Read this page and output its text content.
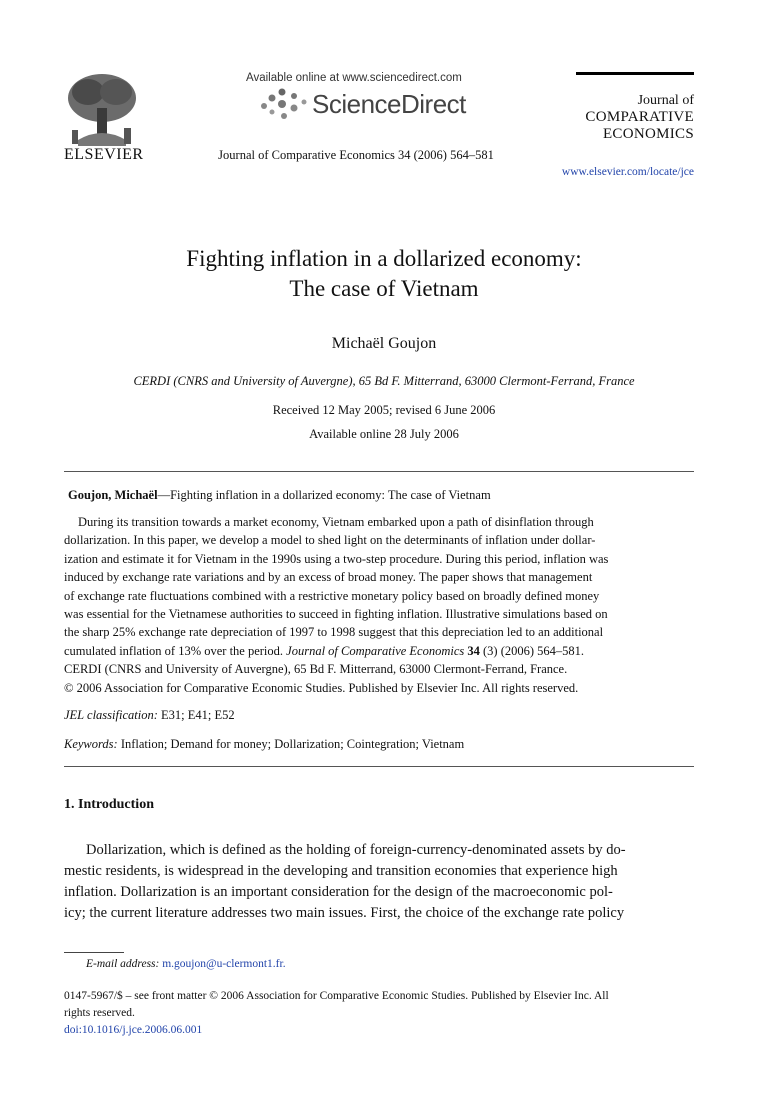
ELSEVIER
Available online at www.sciencedirect.com
ScienceDirect
Journal of Comparative Economics 34 (2006) 564–581
Journal of
COMPARATIVE
ECONOMICS
www.elsevier.com/locate/jce
Fighting inflation in a dollarized economy:
The case of Vietnam
Michaël Goujon
CERDI (CNRS and University of Auvergne), 65 Bd F. Mitterrand, 63000 Clermont-Ferrand, France
Received 12 May 2005; revised 6 June 2006
Available online 28 July 2006
Goujon, Michaël—Fighting inflation in a dollarized economy: The case of Vietnam
During its transition towards a market economy, Vietnam embarked upon a path of disinflation through
dollarization. In this paper, we develop a model to shed light on the determinants of inflation under dollar-
ization and estimate it for Vietnam in the 1990s using a two-step procedure. During this period, inflation was
induced by exchange rate variations and by an excess of broad money. The paper shows that management
of exchange rate fluctuations combined with a restrictive monetary policy based on broadly defined money
was essential for the Vietnamese authorities to succeed in fighting inflation. Illustrative simulations based on
the sharp 25% exchange rate depreciation of 1997 to 1998 suggest that this depreciation led to an additional
cumulated inflation of 13% over the period. Journal of Comparative Economics 34 (3) (2006) 564–581.
CERDI (CNRS and University of Auvergne), 65 Bd F. Mitterrand, 63000 Clermont-Ferrand, France.
© 2006 Association for Comparative Economic Studies. Published by Elsevier Inc. All rights reserved.
JEL classification: E31; E41; E52
Keywords: Inflation; Demand for money; Dollarization; Cointegration; Vietnam
1. Introduction
Dollarization, which is defined as the holding of foreign-currency-denominated assets by do-
mestic residents, is widespread in the developing and transition economies that experience high
inflation. Dollarization is an important consideration for the design of the macroeconomic pol-
icy; the current literature addresses two main issues. First, the choice of the exchange rate policy
E-mail address: m.goujon@u-clermont1.fr.
0147-5967/$ – see front matter © 2006 Association for Comparative Economic Studies. Published by Elsevier Inc. All
rights reserved.
doi:10.1016/j.jce.2006.06.001
